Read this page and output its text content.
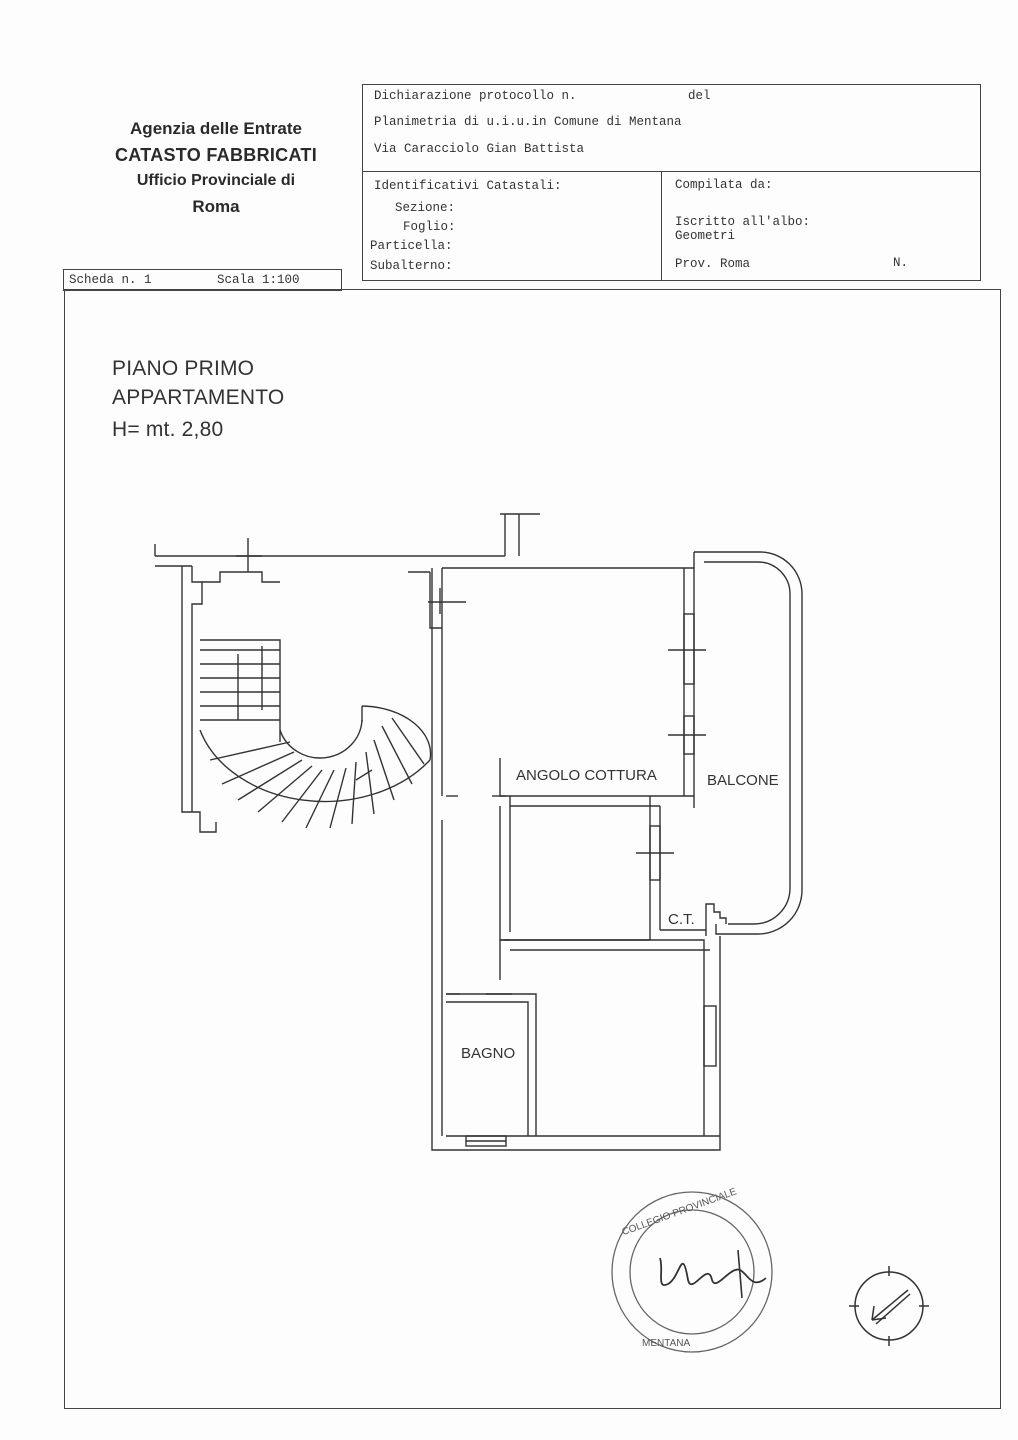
Agenzia delle Entrate
CATASTO FABBRICATI
Ufficio Provinciale di
Roma
Dichiarazione protocollo n.	del
Planimetria di u.i.u.in Comune di Mentana
Via Caracciolo Gian Battista
Identificativi Catastali:
Sezione:
Foglio:
Particella:
Subalterno:
Compilata da:
Iscritto all'albo:
Geometri
Prov. Roma	N.
Scheda n. 1	Scala 1:100
PIANO PRIMO
APPARTAMENTO
H= mt. 2,80
ANGOLO COTTURA	BALCONE
C.T.
BAGNO
COLLEGIO PROVINCIALE
MENTANA
